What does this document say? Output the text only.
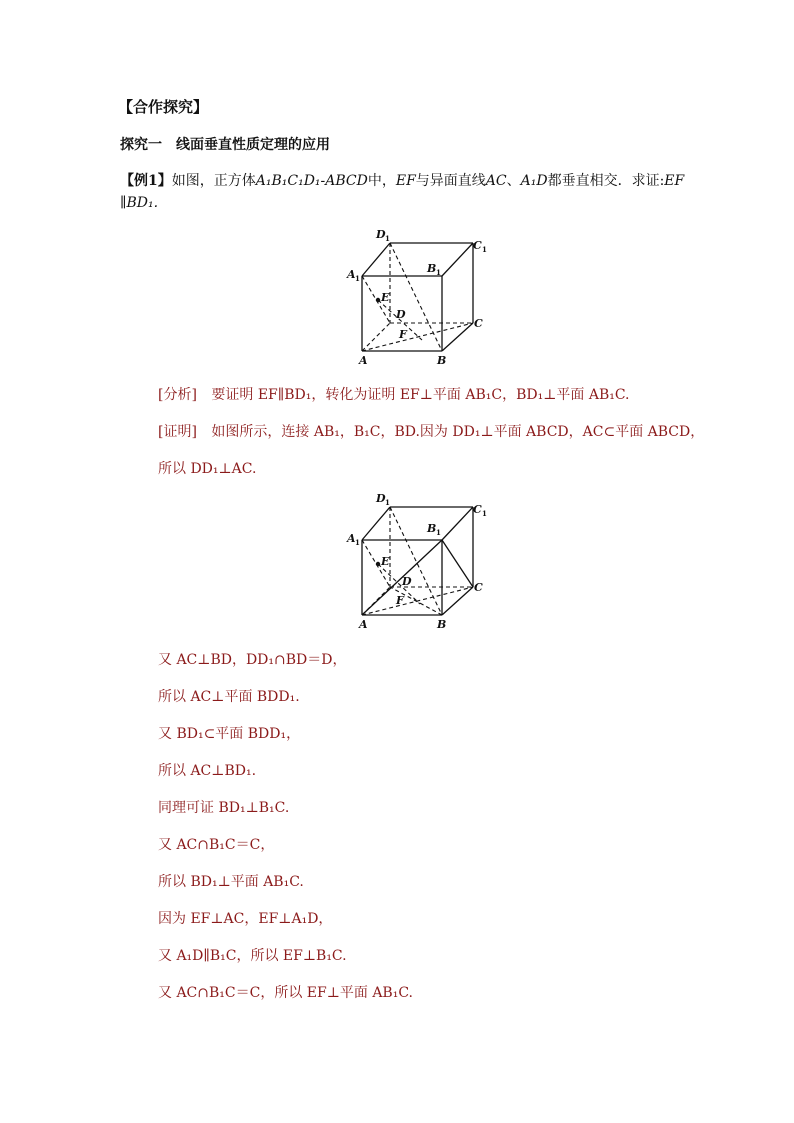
【合作探究】
探究一　线面垂直性质定理的应用
【例1】如图，正方体A₁B₁C₁D₁-ABCD中，EF与异面直线AC、A₁D都垂直相交．求证:EF
∥BD₁.
D 1
C 1
A 1
B 1
E
D
C
F
A	B
[分析] 要证明 EF∥BD₁，转化为证明 EF⊥平面 AB₁C，BD₁⊥平面 AB₁C.
[证明] 如图所示，连接 AB₁，B₁C，BD.因为 DD₁⊥平面 ABCD，AC⊂平面 ABCD，
所以 DD₁⊥AC.
D 1
C 1
A 1
B 1
E
D	C
F
A	B
又 AC⊥BD，DD₁∩BD＝D，
所以 AC⊥平面 BDD₁.
又 BD₁⊂平面 BDD₁，
所以 AC⊥BD₁.
同理可证 BD₁⊥B₁C.
又 AC∩B₁C＝C，
所以 BD₁⊥平面 AB₁C.
因为 EF⊥AC，EF⊥A₁D，
又 A₁D∥B₁C，所以 EF⊥B₁C.
又 AC∩B₁C＝C，所以 EF⊥平面 AB₁C.
